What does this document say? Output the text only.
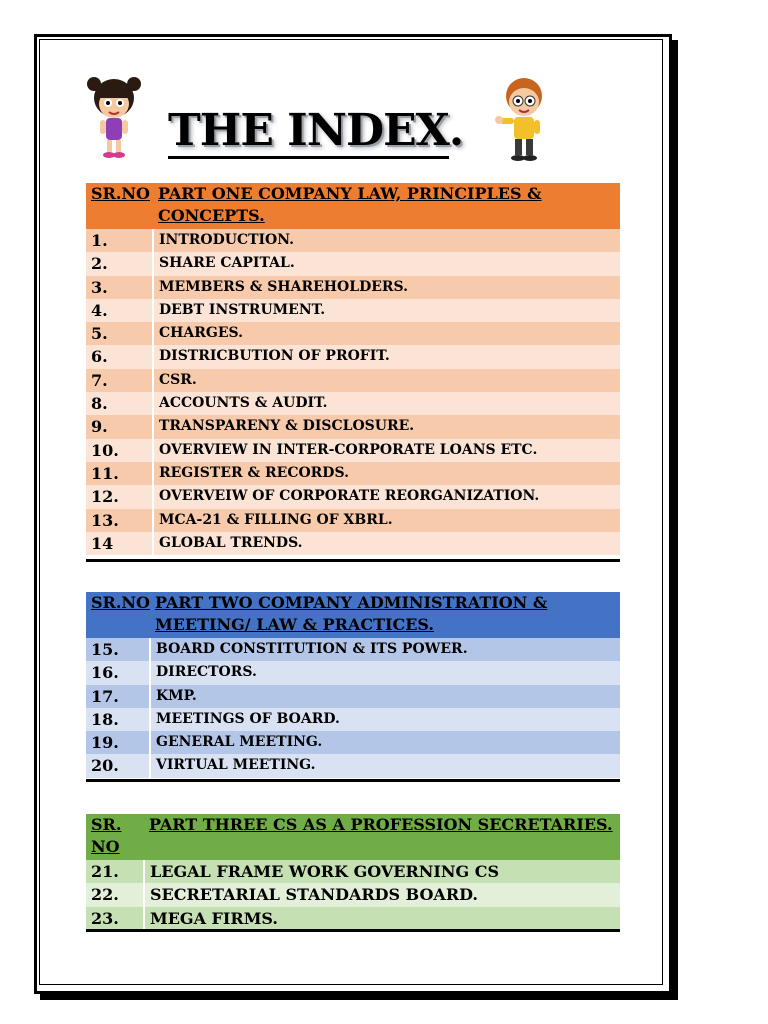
THE INDEX.
SR.NO	PART ONE COMPANY LAW, PRINCIPLES & CONCEPTS.
1.	INTRODUCTION.
2.	SHARE CAPITAL.
3.	MEMBERS & SHAREHOLDERS.
4.	DEBT INSTRUMENT.
5.	CHARGES.
6.	DISTRICBUTION OF PROFIT.
7.	CSR.
8.	ACCOUNTS & AUDIT.
9.	TRANSPARENY & DISCLOSURE.
10.	OVERVIEW IN INTER-CORPORATE LOANS ETC.
11.	REGISTER & RECORDS.
12.	OVERVEIW OF CORPORATE REORGANIZATION.
13.	MCA-21 & FILLING OF XBRL.
14	GLOBAL TRENDS.
SR.NO	PART TWO COMPANY ADMINISTRATION & MEETING/ LAW & PRACTICES.
15.	BOARD CONSTITUTION & ITS POWER.
16.	DIRECTORS.
17.	KMP.
18.	MEETINGS OF BOARD.
19.	GENERAL MEETING.
20.	VIRTUAL MEETING.
SR. NO	PART THREE CS AS A PROFESSION SECRETARIES.
21.	LEGAL FRAME WORK GOVERNING CS
22.	SECRETARIAL STANDARDS BOARD.
23.	MEGA FIRMS.
